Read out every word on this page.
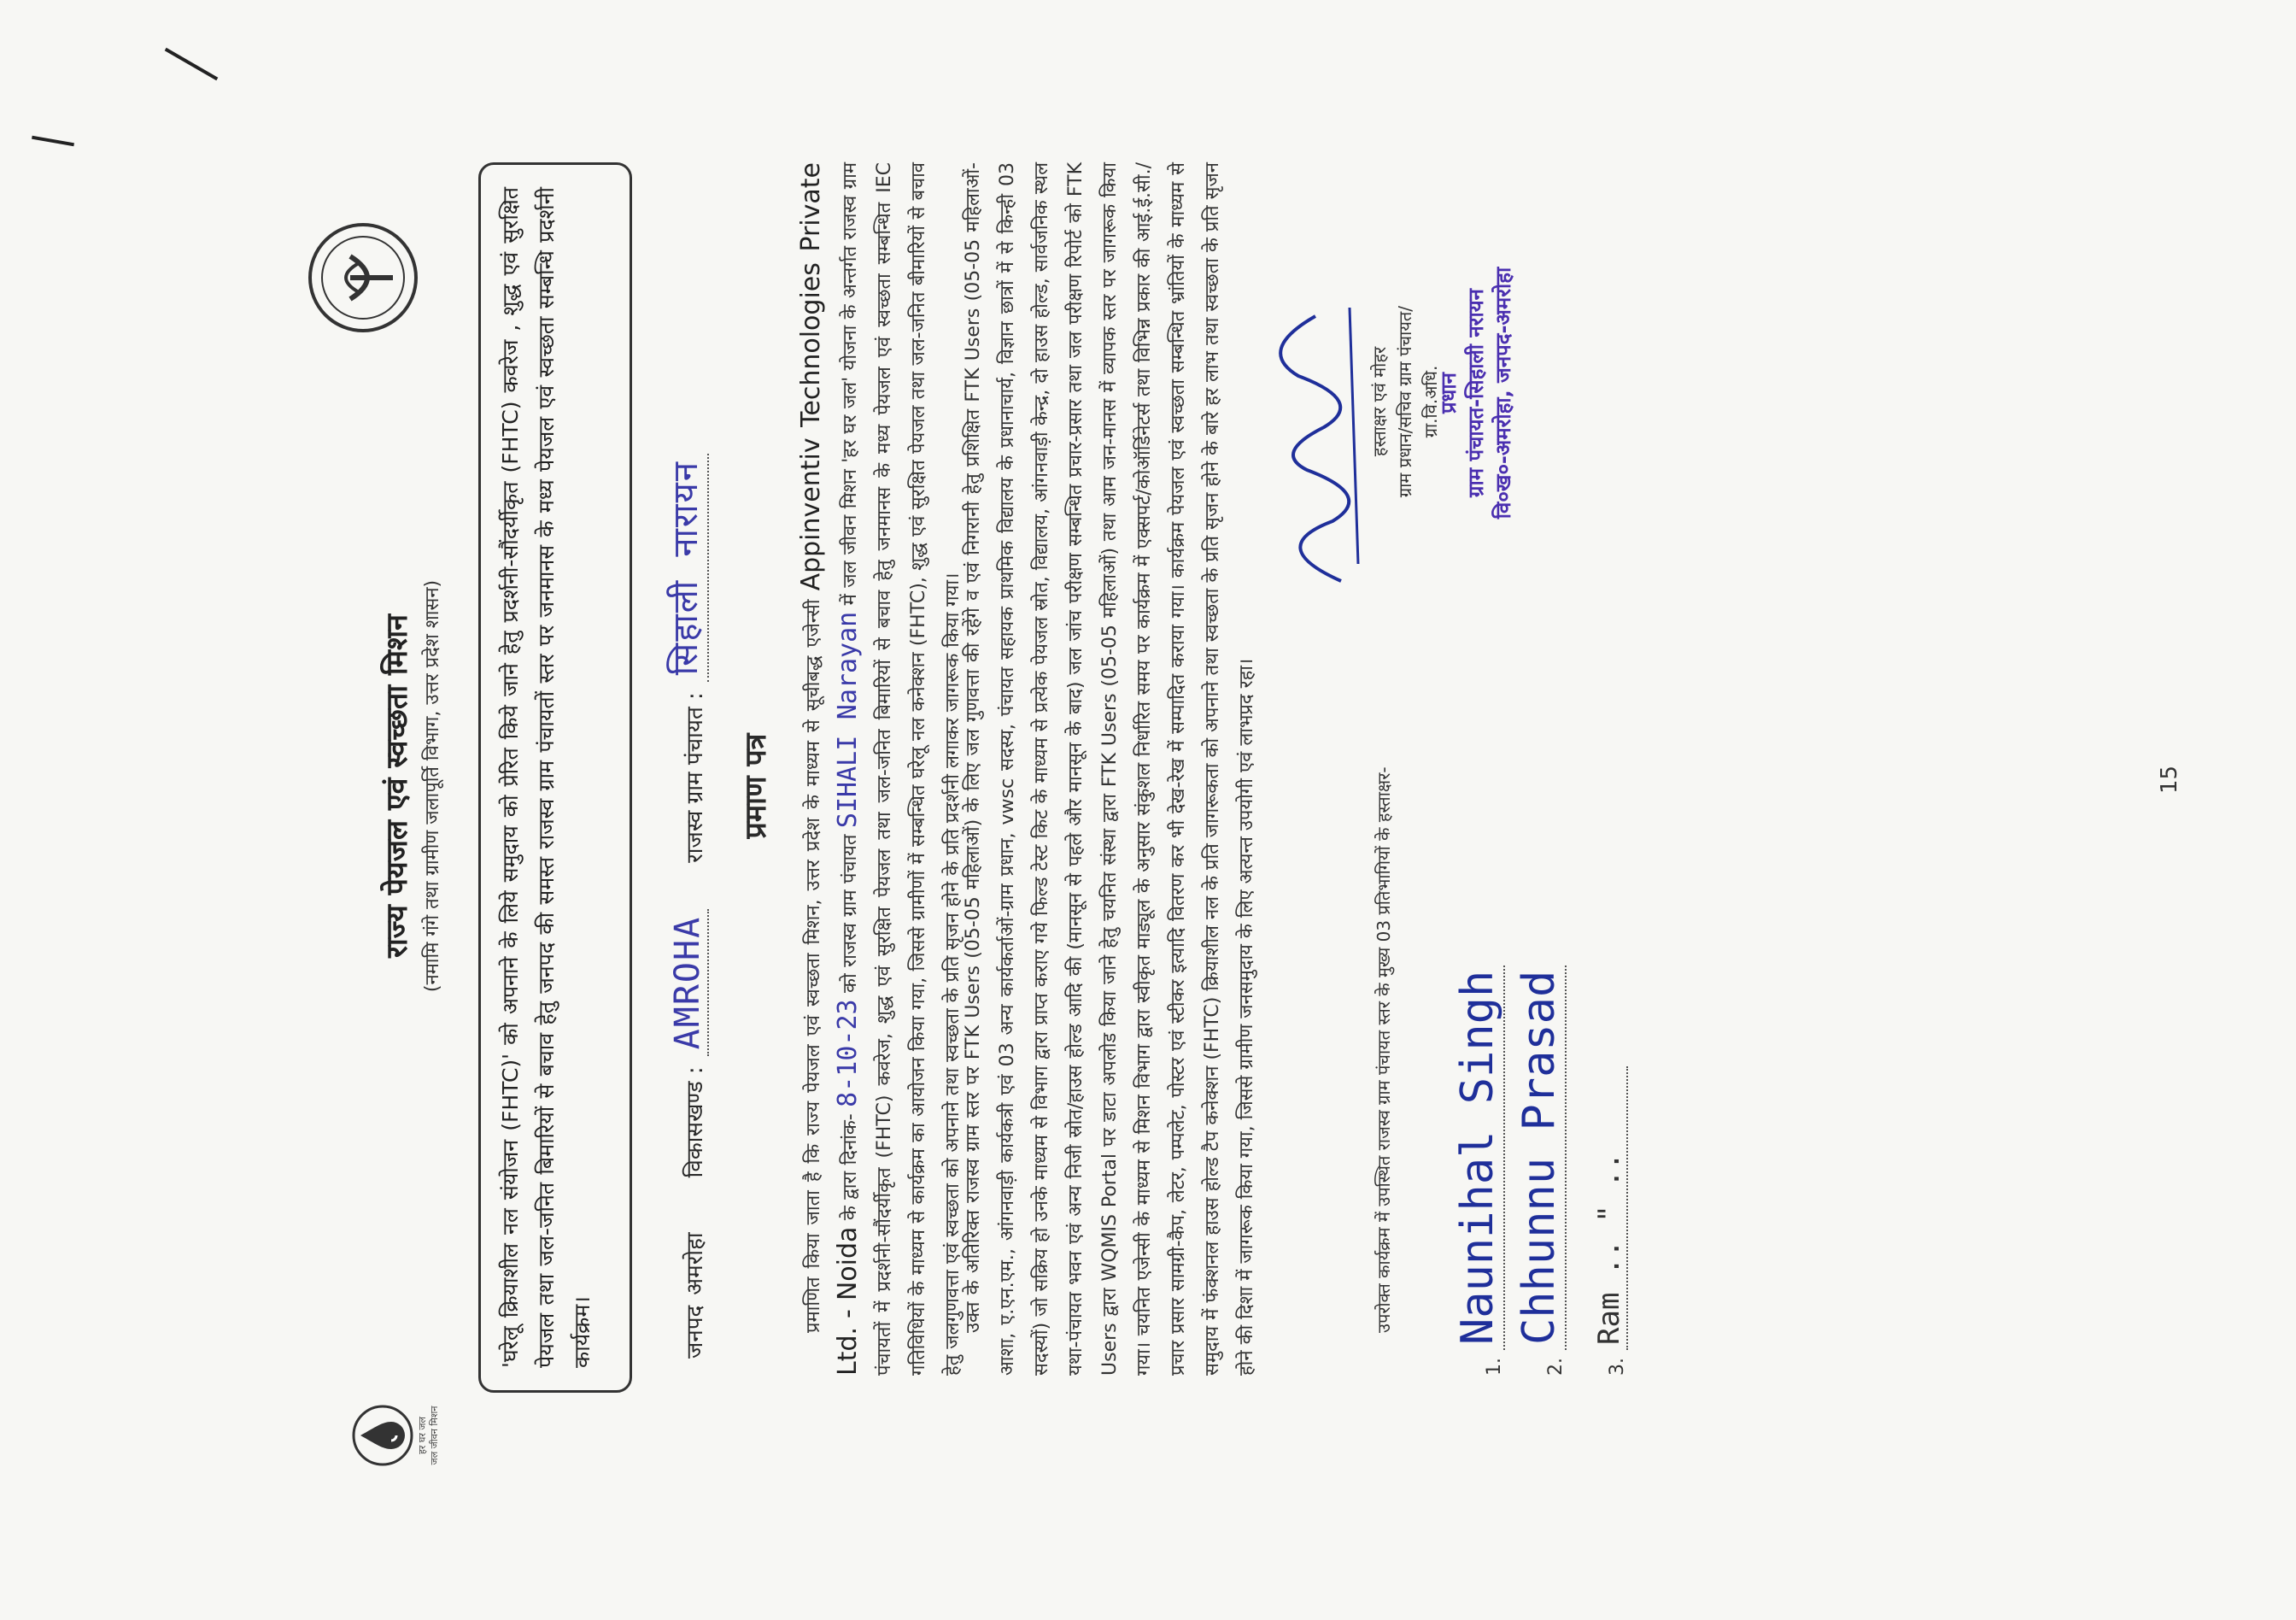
15
हर घर जल
जल जीवन मिशन
राज्य पेयजल एवं स्वच्छता मिशन (नमामि गंगे तथा ग्रामीण जलापूर्ति विभाग, उत्तर प्रदेश शासन)	'घरेलू क्रियाशील नल संयोजन (FHTC)' को अपनाने के लिये समुदाय को प्रेरित किये जाने हेतु प्रदर्शनी-सौंदर्यीकृत (FHTC) कवरेज , शुद्ध एवं सुरक्षित पेयजल तथा जल-जनित बिमारियों से बचाव हेतु जनपद की समस्त राजस्व ग्राम पंचायतों स्तर पर जनमानस के मध्य पेयजल एवं स्वच्छता सम्बन्धि प्रदर्शनी कार्यक्रम।	जनपद
अमरोहा
विकासखण्ड :
AMROHA
राजस्व ग्राम पंचायत :
सिहाली नारायन
प्रमाण पत्र	प्रमाणित किया जाता है कि राज्य पेयजल एवं स्वच्छता मिशन, उत्तर प्रदेश के माध्यम से सूचीबद्ध एजेन्सी Appinventiv Technologies Private Ltd. - Noida के द्वारा दिनांक- 8-10-23 को राजस्व ग्राम पंचायत SIHALI Narayan में जल जीवन मिशन 'हर घर जल' योजना के अन्तर्गत राजस्व ग्राम पंचायतों में प्रदर्शनी-सौंदर्यीकृत (FHTC) कवरेज, शुद्ध एवं सुरक्षित पेयजल तथा जल-जनित बिमारियों से बचाव हेतु जनमानस के मध्य पेयजल एवं स्वच्छता सम्बन्धित IEC गतिविधियों के माध्यम से कार्यक्रम का आयोजन किया गया, जिससे ग्रामीणों में सम्बन्धित घरेलू नल कनेक्शन (FHTC), शुद्ध एवं सुरक्षित पेयजल तथा जल-जनित बीमारियों से बचाव हेतु जलगुणवत्ता एवं स्वच्छता को अपनाने तथा स्वच्छता के प्रति सृजन होने के प्रति प्रदर्शनी लगाकर जागरूक किया गया। उक्त के अतिरिक्त राजस्व ग्राम स्तर पर FTK Users (05-05 महिलाओं) के लिए जल गुणवत्ता की रहेंगे व एवं निगरानी हेतु प्रशिक्षित FTK Users (05-05 महिलाओं-आशा, ए.एन.एम., आंगनवाड़ी कार्यकत्री एवं 03 अन्य कार्यकर्ताओं-ग्राम प्रधान, vwsc सदस्य, पंचायत सहायक प्राथमिक विद्यालय के प्रधानाचार्य, विज्ञान छात्रों में से किन्ही 03 सदस्यों) जो सक्रिय हो उनके माध्यम से विभाग द्वारा प्राप्त कराए गये फिल्ड टेस्ट किट के माध्यम से प्रत्येक पेयजल स्रोत, विद्यालय, आंगनवाड़ी केन्द्र, दो हाउस होल्ड, सार्वजनिक स्थल यथा-पंचायत भवन एवं अन्य निजी स्रोत/हाउस होल्ड आदि की (मानसून से पहले और मानसून के बाद) जल जांच परीक्षण सम्बन्धित प्रचार-प्रसार तथा जल परीक्षण रिपोर्ट को FTK Users द्वारा WQMIS Portal पर डाटा अपलोड किया जाने हेतु चयनित संस्था द्वारा FTK Users (05-05 महिलाओं) तथा आम जन-मानस में व्यापक स्तर पर जागरूक किया गया। चयनित एजेन्सी के माध्यम से मिशन विभाग द्वारा स्वीकृत माड्यूल के अनुसार संकुशल निर्धारित समय पर कार्यक्रम में एक्सपर्ट/कोऑर्डिनेटर्स तथा विभिन्न प्रकार की आई.ई.सी./प्रचार प्रसार सामग्री-कैप, लेटर, पम्पलेट, पोस्टर एवं स्टीकर इत्यादि वितरण कर भी देख-रेख में सम्पादित कराया गया। कार्यक्रम पेयजल एवं स्वच्छता सम्बन्धित भ्रांतियों के माध्यम से समुदाय में फंक्शनल हाउस होल्ड टैप कनेक्शन (FHTC) क्रियाशील नल के प्रति जागरूकता को अपनाने तथा स्वच्छता के प्रति सृजन होने के बारे हर लाभ तथा स्वच्छता के प्रति सृजन होने की दिशा में जागरूक किया गया, जिससे ग्रामीण जनसमुदाय के लिए अत्यन्त उपयोगी एवं लाभप्रद रहा।	उपरोक्त कार्यक्रम में उपस्थित राजस्व ग्राम पंचायत स्तर के मुख्य 03 प्रतिभागियों के हस्ताक्षर-
1.
Naunihal Singh
2.
Chhunnu Prasad
3.
Ram .. " ..
हस्ताक्षर एवं मोहर ग्राम प्रधान/सचिव ग्राम पंचायत/ ग्रा.वि.अधि.
प्रधान ग्राम पंचायत-सिहाली नरायन वि०ख०-अमरोहा, जनपद-अमरोहा
